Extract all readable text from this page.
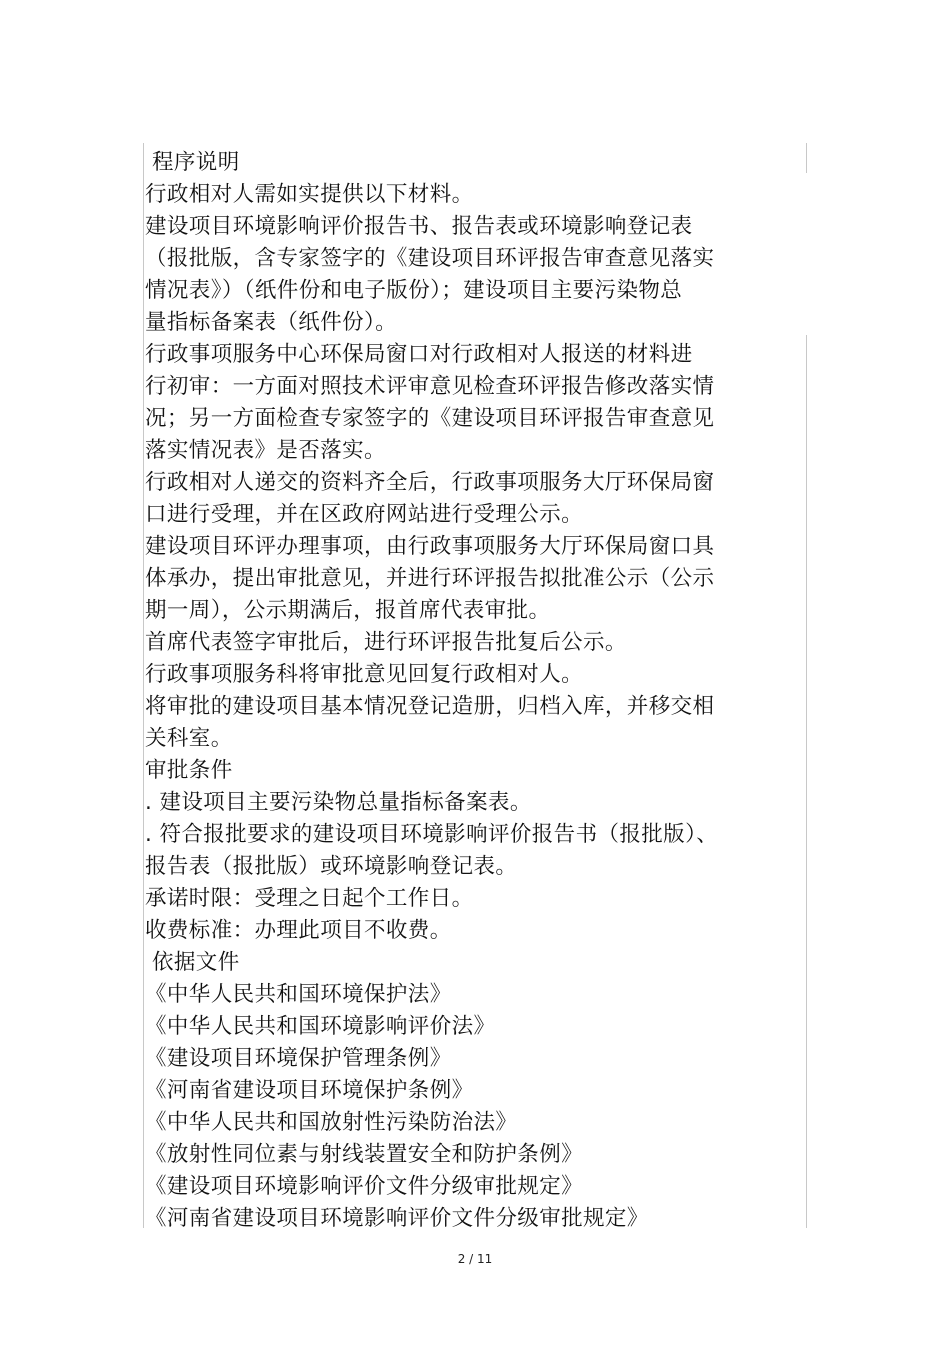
程序说明
行政相对人需如实提供以下材料。
建设项目环境影响评价报告书、报告表或环境影响登记表
（报批版，含专家签字的《建设项目环评报告审查意见落实
情况表》）（纸件份和电子版份）；建设项目主要污染物总
量指标备案表（纸件份）。
行政事项服务中心环保局窗口对行政相对人报送的材料进
行初审：一方面对照技术评审意见检查环评报告修改落实情
况；另一方面检查专家签字的《建设项目环评报告审查意见
落实情况表》是否落实。
行政相对人递交的资料齐全后，行政事项服务大厅环保局窗
口进行受理，并在区政府网站进行受理公示。
建设项目环评办理事项，由行政事项服务大厅环保局窗口具
体承办，提出审批意见，并进行环评报告拟批准公示（公示
期一周），公示期满后，报首席代表审批。
首席代表签字审批后，进行环评报告批复后公示。
行政事项服务科将审批意见回复行政相对人。
将审批的建设项目基本情况登记造册，归档入库，并移交相
关科室。
审批条件
. 建设项目主要污染物总量指标备案表。
. 符合报批要求的建设项目环境影响评价报告书（报批版）、
报告表（报批版）或环境影响登记表。
承诺时限：受理之日起个工作日。
收费标准：办理此项目不收费。
依据文件
《中华人民共和国环境保护法》
《中华人民共和国环境影响评价法》
《建设项目环境保护管理条例》
《河南省建设项目环境保护条例》
《中华人民共和国放射性污染防治法》
《放射性同位素与射线装置安全和防护条例》
《建设项目环境影响评价文件分级审批规定》
《河南省建设项目环境影响评价文件分级审批规定》
2 / 11
